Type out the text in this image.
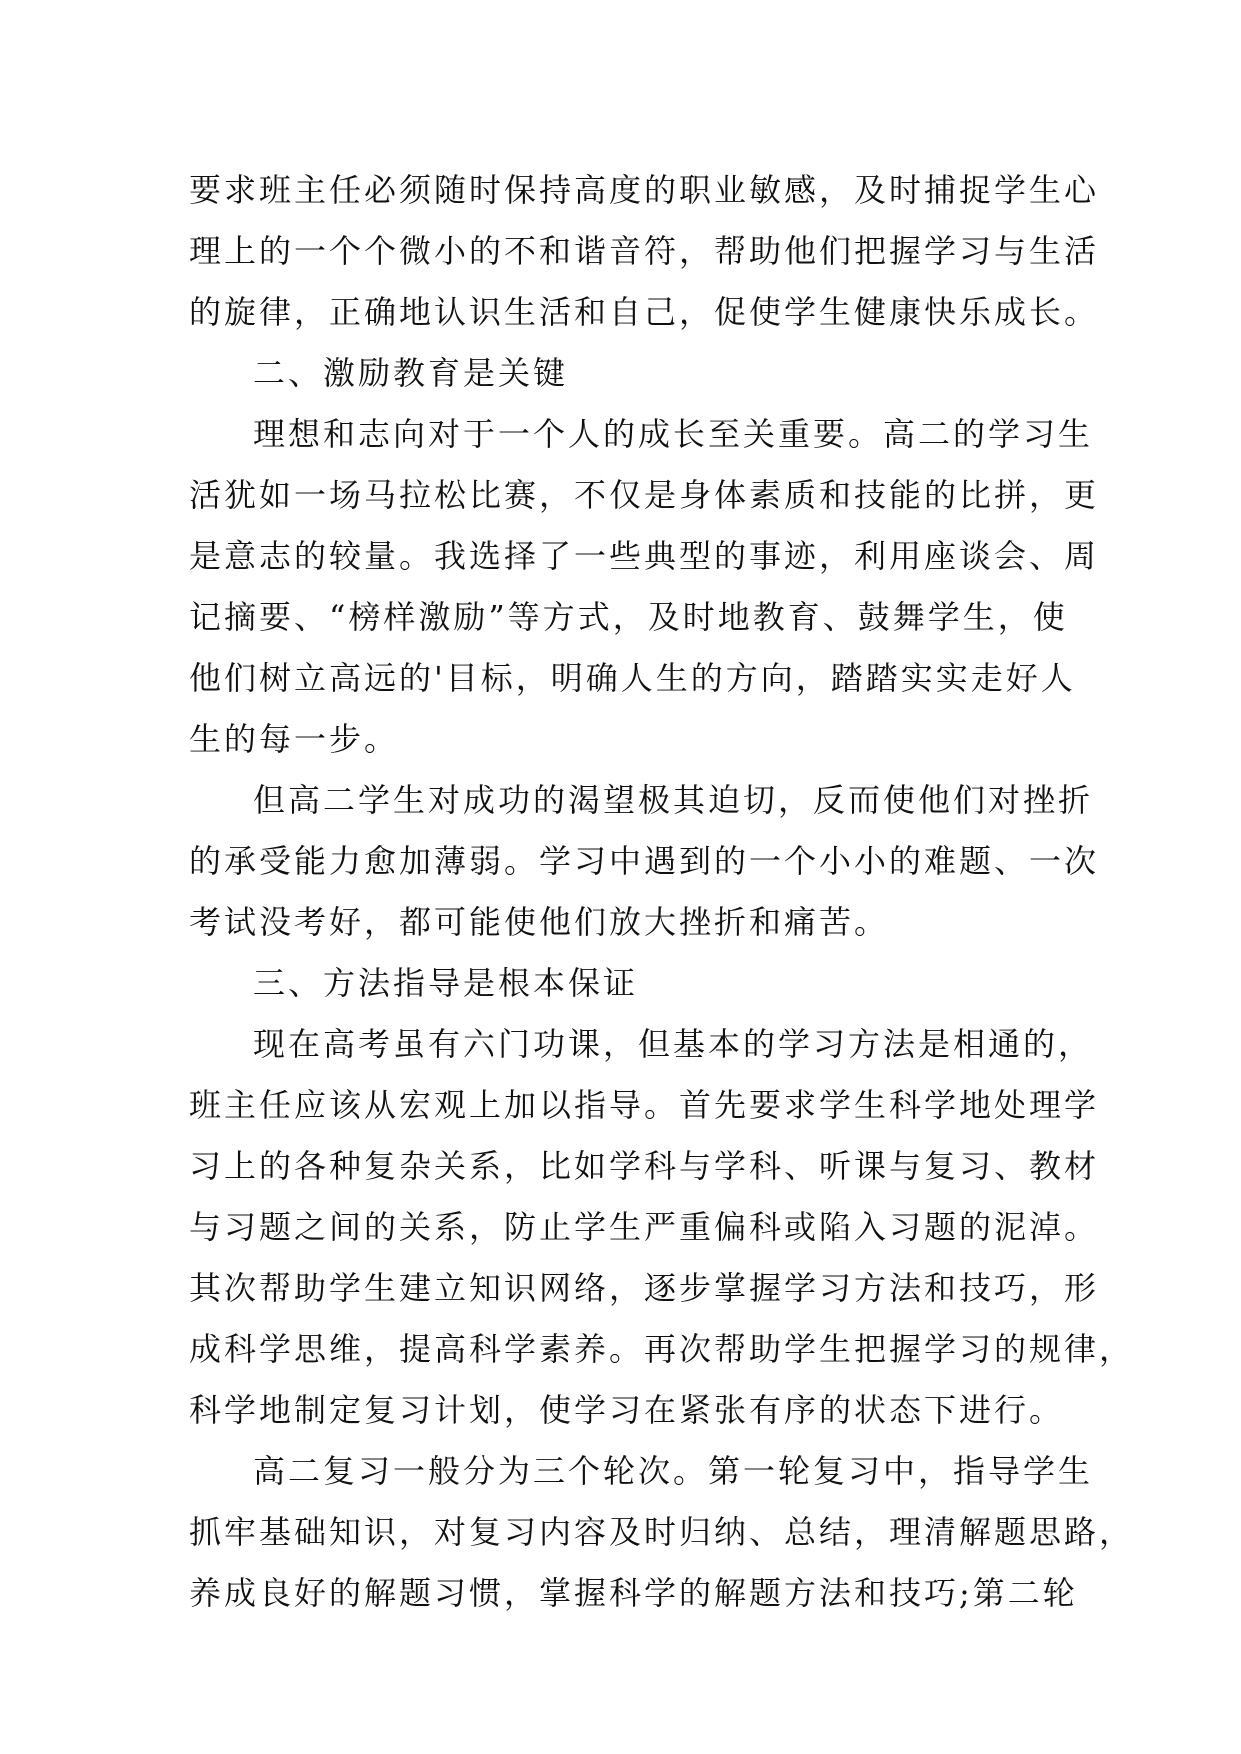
要求班主任必须随时保持高度的职业敏感，及时捕捉学生心
理上的一个个微小的不和谐音符，帮助他们把握学习与生活
的旋律，正确地认识生活和自己，促使学生健康快乐成长。
二、激励教育是关键
理想和志向对于一个人的成长至关重要。高二的学习生
活犹如一场马拉松比赛，不仅是身体素质和技能的比拼，更
是意志的较量。我选择了一些典型的事迹，利用座谈会、周
记摘要、“榜样激励”等方式，及时地教育、鼓舞学生，使
他们树立高远的'目标，明确人生的方向，踏踏实实走好人
生的每一步。
但高二学生对成功的渴望极其迫切，反而使他们对挫折
的承受能力愈加薄弱。学习中遇到的一个小小的难题、一次
考试没考好，都可能使他们放大挫折和痛苦。
三、方法指导是根本保证
现在高考虽有六门功课，但基本的学习方法是相通的，
班主任应该从宏观上加以指导。首先要求学生科学地处理学
习上的各种复杂关系，比如学科与学科、听课与复习、教材
与习题之间的关系，防止学生严重偏科或陷入习题的泥淖。
其次帮助学生建立知识网络，逐步掌握学习方法和技巧，形
成科学思维，提高科学素养。再次帮助学生把握学习的规律，
科学地制定复习计划，使学习在紧张有序的状态下进行。
高二复习一般分为三个轮次。第一轮复习中，指导学生
抓牢基础知识，对复习内容及时归纳、总结，理清解题思路，
养成良好的解题习惯，掌握科学的解题方法和技巧;第二轮
